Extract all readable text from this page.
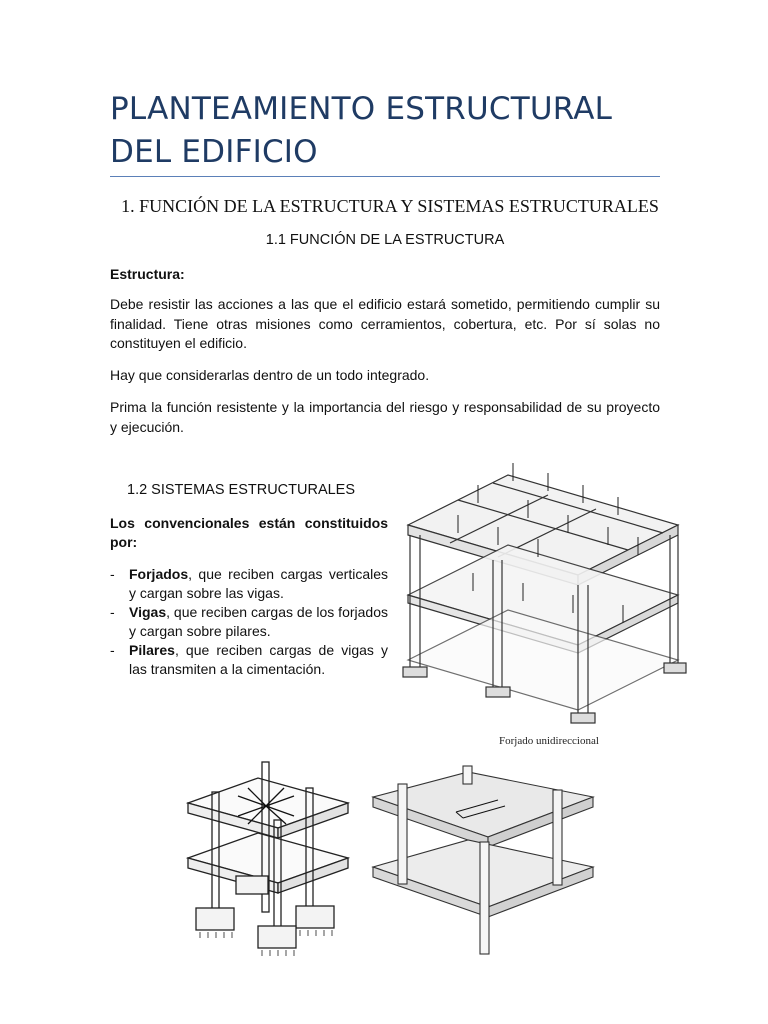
PLANTEAMIENTO ESTRUCTURAL
DEL EDIFICIO
1. FUNCIÓN DE LA ESTRUCTURA Y SISTEMAS ESTRUCTURALES
1.1 FUNCIÓN DE LA ESTRUCTURA
Estructura:
Debe resistir las acciones a las que el edificio estará sometido, permitiendo cumplir su finalidad. Tiene otras misiones como cerramientos, cobertura, etc. Por sí solas no constituyen el edificio.
Hay que considerarlas dentro de un todo integrado.
Prima la función resistente y la importancia del riesgo y responsabilidad de su proyecto y ejecución.
1.2 SISTEMAS ESTRUCTURALES
Los convencionales están constituidos por:
- Forjados, que reciben cargas verticales y cargan sobre las vigas.
- Vigas, que reciben cargas de los forjados y cargan sobre pilares.
- Pilares, que reciben cargas de vigas y las transmiten a la cimentación.
Forjado unidireccional
